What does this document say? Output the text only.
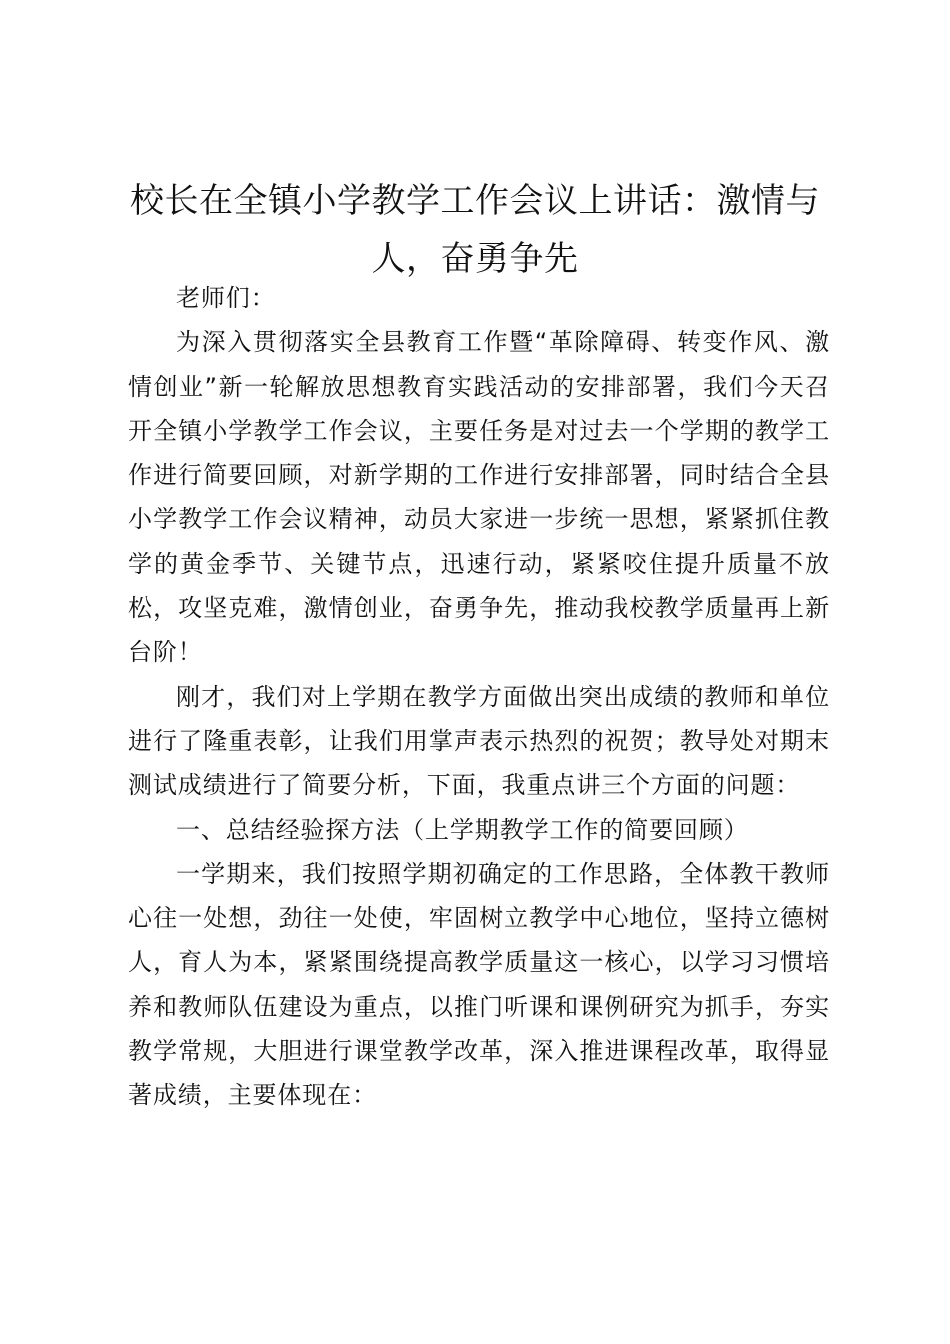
校长在全镇小学教学工作会议上讲话：激情与人，奋勇争先

老师们：

为深入贯彻落实全县教育工作暨“革除障碍、转变作风、激情创业”新一轮解放思想教育实践活动的安排部署，我们今天召开全镇小学教学工作会议，主要任务是对过去一个学期的教学工作进行简要回顾，对新学期的工作进行安排部署，同时结合全县小学教学工作会议精神，动员大家进一步统一思想，紧紧抓住教学的黄金季节、关键节点，迅速行动，紧紧咬住提升质量不放松，攻坚克难，激情创业，奋勇争先，推动我校教学质量再上新台阶！

刚才，我们对上学期在教学方面做出突出成绩的教师和单位进行了隆重表彰，让我们用掌声表示热烈的祝贺；教导处对期末测试成绩进行了简要分析，下面，我重点讲三个方面的问题：

一、总结经验探方法（上学期教学工作的简要回顾）

一学期来，我们按照学期初确定的工作思路，全体教干教师心往一处想，劲往一处使，牢固树立教学中心地位，坚持立德树人，育人为本，紧紧围绕提高教学质量这一核心，以学习习惯培养和教师队伍建设为重点，以推门听课和课例研究为抓手，夯实教学常规，大胆进行课堂教学改革，深入推进课程改革，取得显著成绩，主要体现在：
